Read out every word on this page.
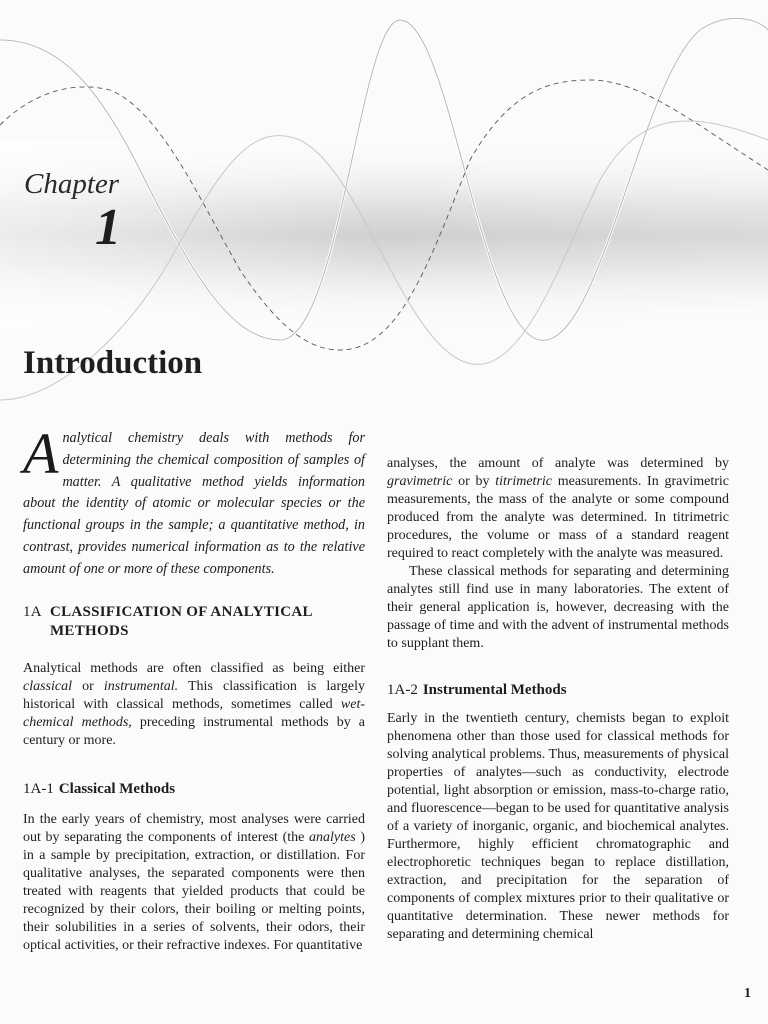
Chapter
1
Introduction

Analytical chemistry deals with methods for determining the chemical composition of samples of matter. A qualitative method yields information about the identity of atomic or molecular species or the functional groups in the sample; a quantitative method, in contrast, provides numerical information as to the relative amount of one or more of these components.

1A CLASSIFICATION OF ANALYTICAL METHODS

Analytical methods are often classified as being either classical or instrumental. This classification is largely historical with classical methods, sometimes called wet-chemical methods, preceding instrumental methods by a century or more.

1A-1 Classical Methods

In the early years of chemistry, most analyses were carried out by separating the components of interest (the analytes ) in a sample by precipitation, extraction, or distillation. For qualitative analyses, the separated components were then treated with reagents that yielded products that could be recognized by their colors, their boiling or melting points, their solubilities in a series of solvents, their odors, their optical activities, or their refractive indexes. For quantitative

analyses, the amount of analyte was determined by gravimetric or by titrimetric measurements. In gravimetric measurements, the mass of the analyte or some compound produced from the analyte was determined. In titrimetric procedures, the volume or mass of a standard reagent required to react completely with the analyte was measured.

These classical methods for separating and determining analytes still find use in many laboratories. The extent of their general application is, however, decreasing with the passage of time and with the advent of instrumental methods to supplant them.

1A-2 Instrumental Methods

Early in the twentieth century, chemists began to exploit phenomena other than those used for classical methods for solving analytical problems. Thus, measurements of physical properties of analytes—such as conductivity, electrode potential, light absorption or emission, mass-to-charge ratio, and fluorescence—began to be used for quantitative analysis of a variety of inorganic, organic, and biochemical analytes. Furthermore, highly efficient chromatographic and electrophoretic techniques began to replace distillation, extraction, and precipitation for the separation of components of complex mixtures prior to their qualitative or quantitative determination. These newer methods for separating and determining chemical

1
